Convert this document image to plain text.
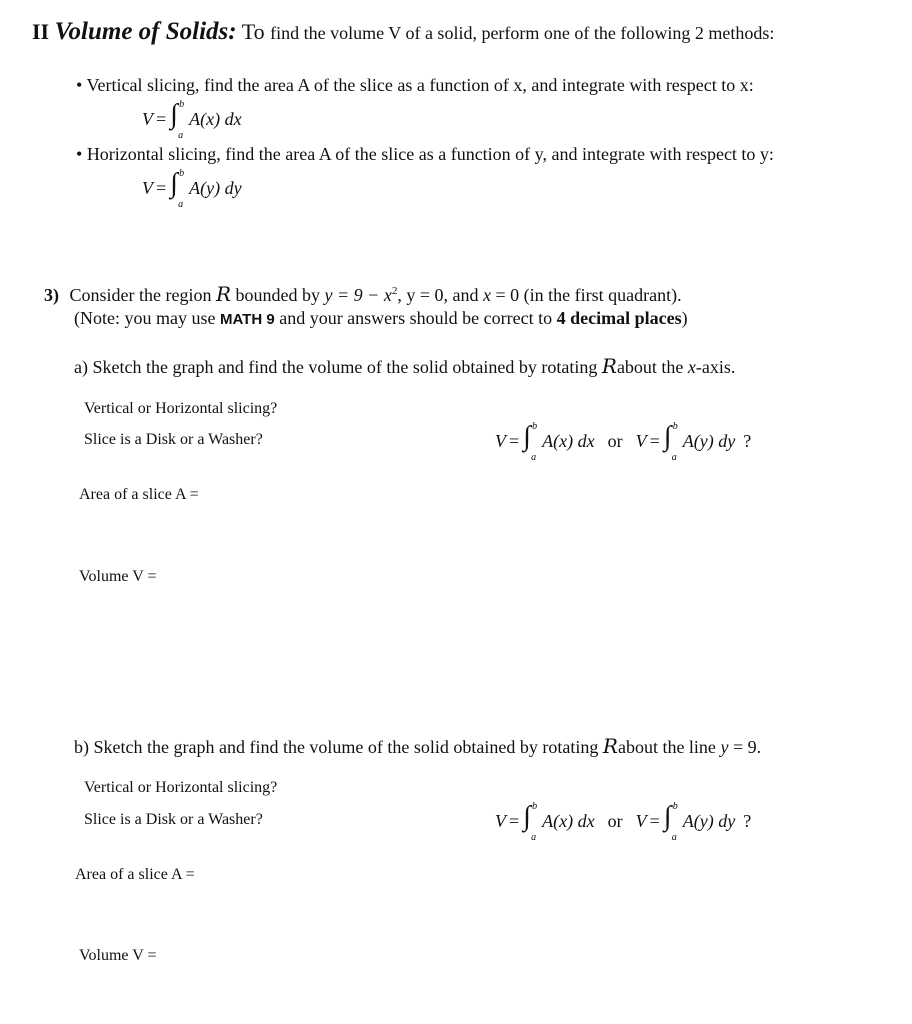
II Volume of Solids: To find the volume V of a solid, perform one of the following 2 methods:
• Vertical slicing, find the area A of the slice as a function of x, and integrate with respect to x:
V = ∫ b
a
A(x) dx
• Horizontal slicing, find the area A of the slice as a function of y, and integrate with respect to y:
V = ∫ b
a
A(y) dy
3) Consider the region R bounded by $y = 9 - x^2$, y = 0, and x = 0 (in the first quadrant).
(Note: you may use MATH 9 and your answers should be correct to 4 decimal places)
a) Sketch the graph and find the volume of the solid obtained by rotating Rabout the x-axis.
Vertical or Horizontal slicing?
Slice is a Disk or a Washer?	V = ∫ b
a
A(x) dx or V = ∫ b
a
A(y) dy ?
Area of a slice A =
Volume V =
b) Sketch the graph and find the volume of the solid obtained by rotating Rabout the line y = 9.
Vertical or Horizontal slicing?
Slice is a Disk or a Washer?	V = ∫ b
a
A(x) dx or V = ∫ b
a
A(y) dy ?
Area of a slice A =
Volume V =
